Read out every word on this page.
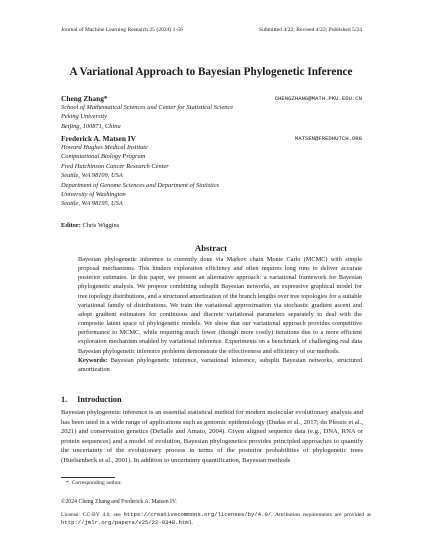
Journal of Machine Learning Research 25 (2024) 1-56	Submitted 4/22; Revised 4/23; Published 5/24
A Variational Approach to Bayesian Phylogenetic Inference
Cheng Zhang*	CHENGZHANG@MATH.PKU.EDU.CN
School of Mathematical Sciences and Center for Statistical Science
Peking University
Beijing, 100871, China
Frederick A. Matsen IV	MATSEN@FREDHUTCH.ORG
Howard Hughes Medical Institute
Computational Biology Program
Fred Hutchinson Cancer Research Center
Seattle, WA 98109, USA
Department of Genome Sciences and Department of Statistics
University of Washington
Seattle, WA 98195, USA
Editor: Chris Wiggins
Abstract
Bayesian phylogenetic inference is currently done via Markov chain Monte Carlo (MCMC) with simple proposal mechanisms. This hinders exploration efficiency and often requires long runs to deliver accurate posterior estimates. In this paper, we present an alternative approach: a variational framework for Bayesian phylogenetic analysis. We propose combining subsplit Bayesian networks, an expressive graphical model for tree topology distributions, and a structured amortization of the branch lengths over tree topologies for a suitable variational family of distributions. We train the variational approximation via stochastic gradient ascent and adopt gradient estimators for continuous and discrete variational parameters separately to deal with the composite latent space of phylogenetic models. We show that our variational approach provides competitive performance to MCMC, while requiring much fewer (though more costly) iterations due to a more efficient exploration mechanism enabled by variational inference. Experiments on a benchmark of challenging real data Bayesian phylogenetic inference problems demonstrate the effectiveness and efficiency of our methods.
Keywords: Bayesian phylogenetic inference, variational inference, subsplit Bayesian networks, structured amortization
1. Introduction
Bayesian phylogenetic inference is an essential statistical method for modern molecular evolutionary analysis and has been used in a wide range of applications such as genomic epidemiology (Dudas et al., 2017; du Plessis et al., 2021) and conservation genetics (DeSalle and Amato, 2004). Given aligned sequence data (e.g., DNA, RNA or protein sequences) and a model of evolution, Bayesian phylogenetics provides principled approaches to quantify the uncertainty of the evolutionary process in terms of the posterior probabilities of phylogenetic trees (Huelsenbeck et al., 2001). In addition to uncertainty quantification, Bayesian methods
*. Corresponding author.
©2024 Cheng Zhang and Frederick A. Matsen IV.
License: CC-BY 4.0, see https://creativecommons.org/licenses/by/4.0/. Attribution requirements are provided at http://jmlr.org/papers/v25/22-0348.html.
